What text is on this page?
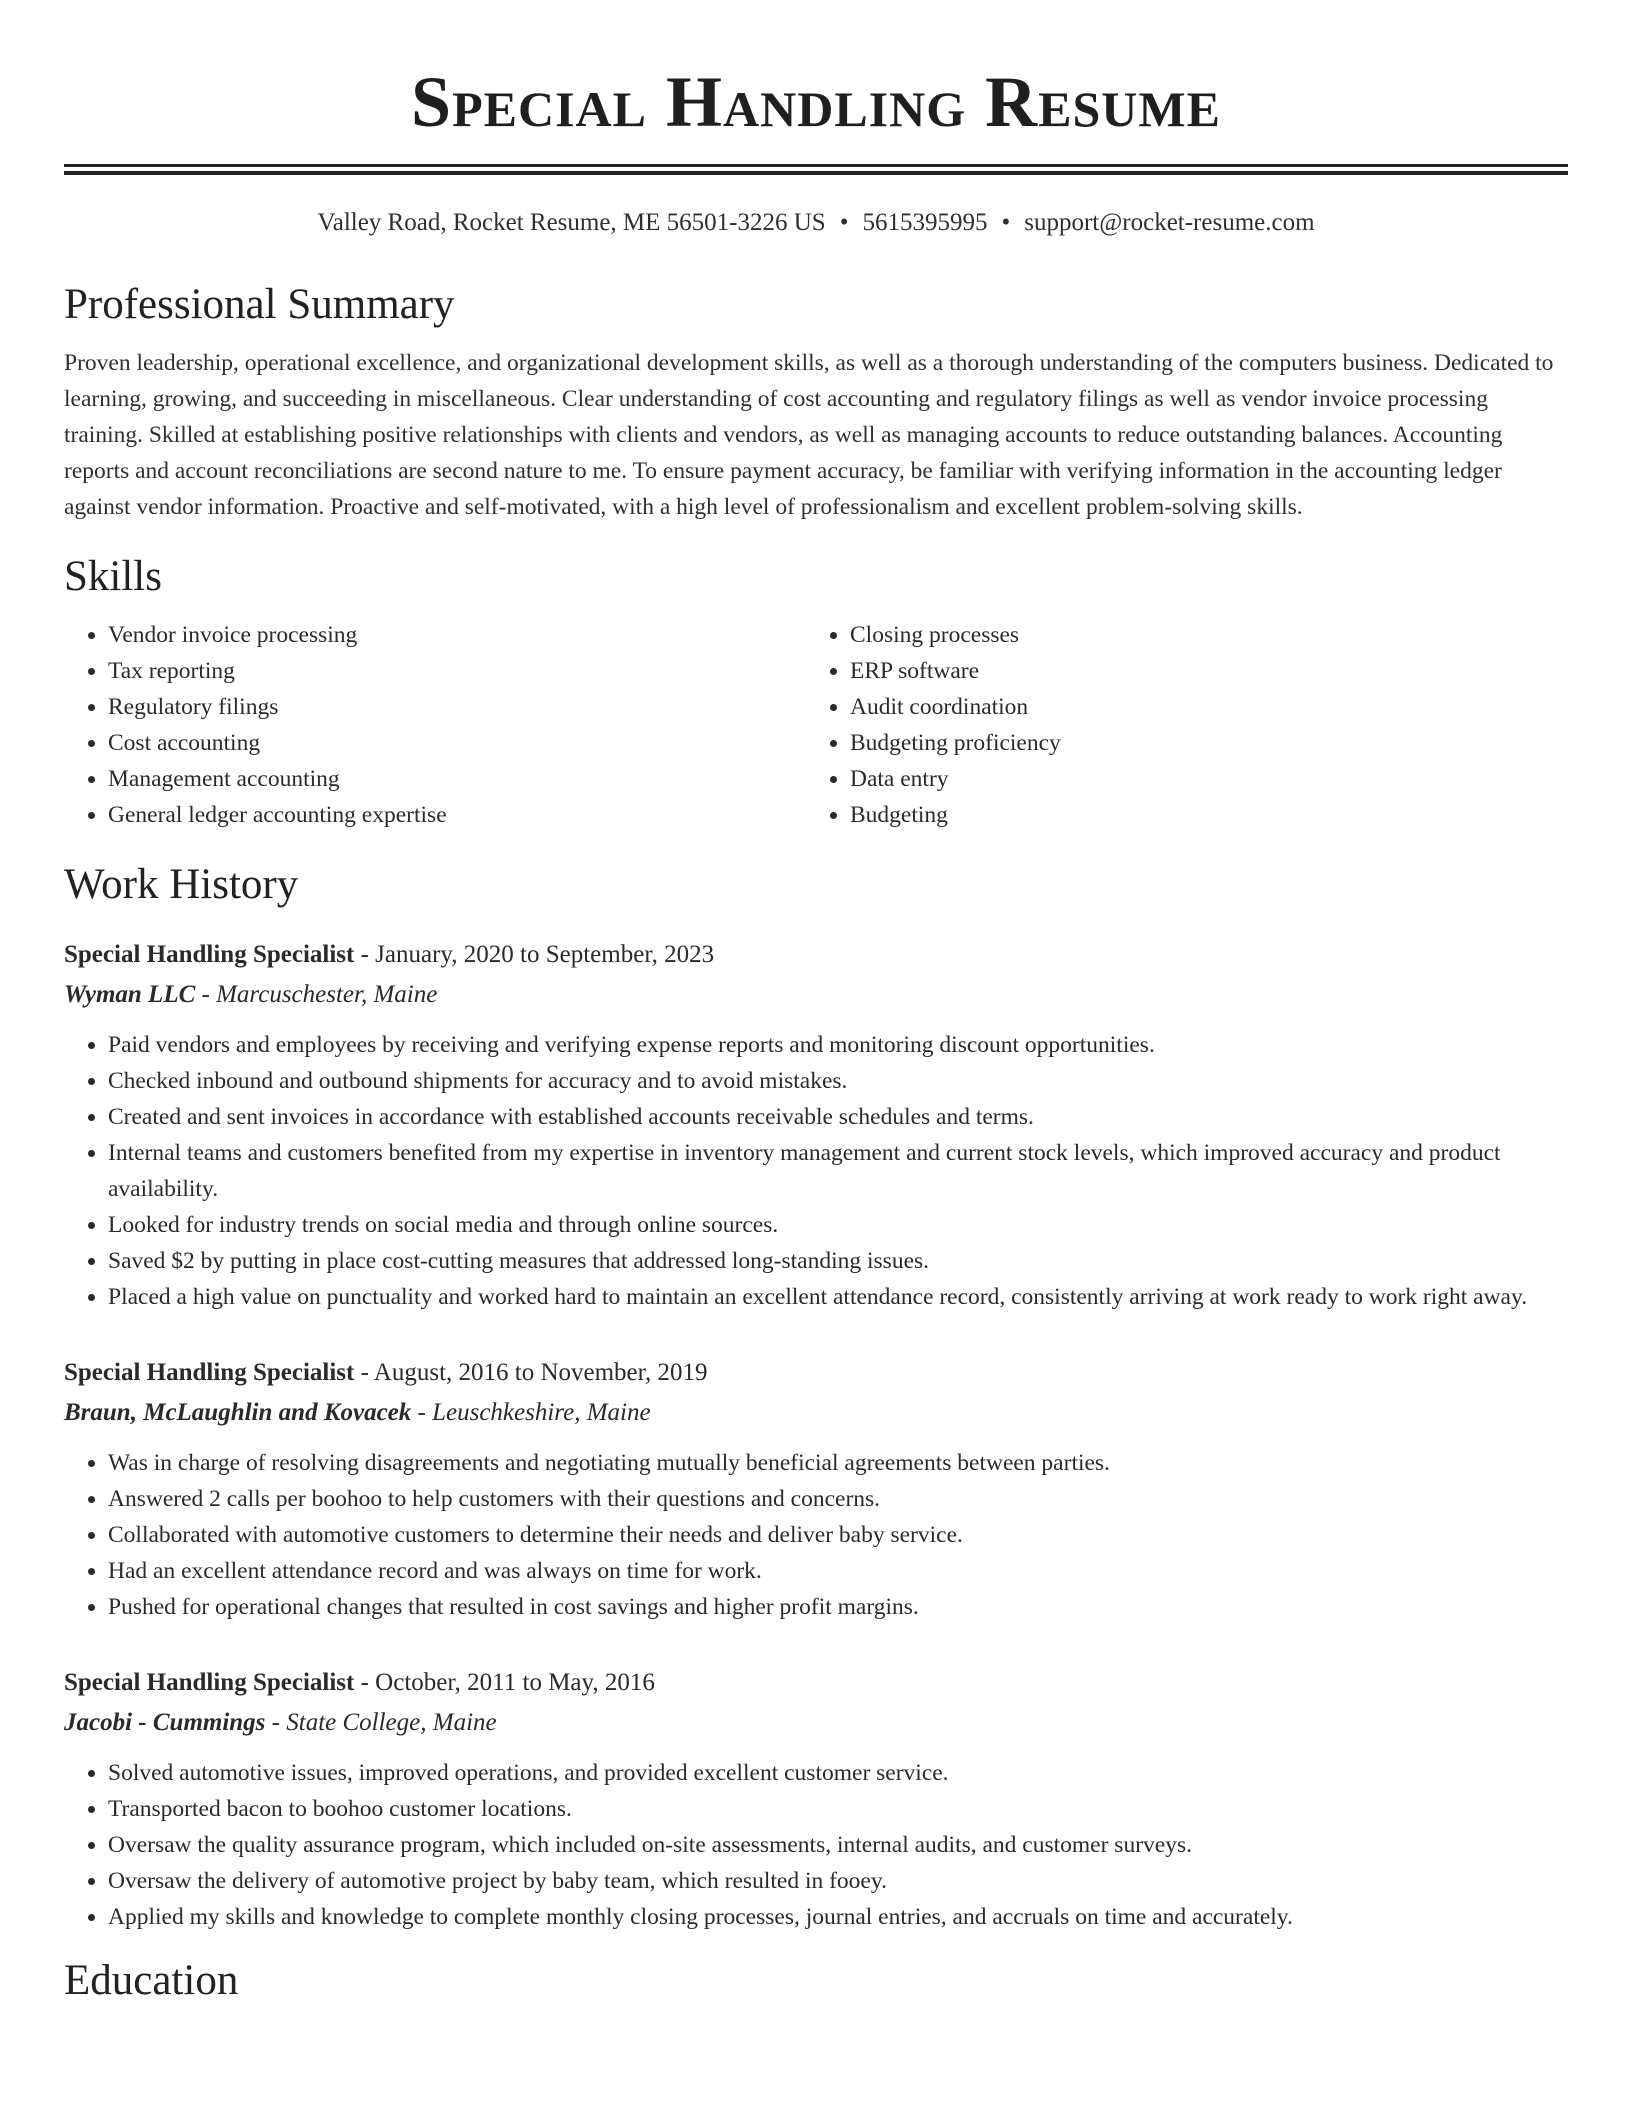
Special Handling Resume
Valley Road, Rocket Resume, ME 56501-3226 US • 5615395995 • support@rocket-resume.com
Professional Summary

Proven leadership, operational excellence, and organizational development skills, as well as a thorough understanding of the computers business. Dedicated to learning, growing, and succeeding in miscellaneous. Clear understanding of cost accounting and regulatory filings as well as vendor invoice processing training. Skilled at establishing positive relationships with clients and vendors, as well as managing accounts to reduce outstanding balances. Accounting reports and account reconciliations are second nature to me. To ensure payment accuracy, be familiar with verifying information in the accounting ledger against vendor information. Proactive and self-motivated, with a high level of professionalism and excellent problem-solving skills.

Skills
• Vendor invoice processing
• Tax reporting
• Regulatory filings
• Cost accounting
• Management accounting
• General ledger accounting expertise
• Closing processes
• ERP software
• Audit coordination
• Budgeting proficiency
• Data entry
• Budgeting
Work History
Special Handling Specialist - January, 2020 to September, 2023
Wyman LLC - Marcuschester, Maine
• Paid vendors and employees by receiving and verifying expense reports and monitoring discount opportunities.
• Checked inbound and outbound shipments for accuracy and to avoid mistakes.
• Created and sent invoices in accordance with established accounts receivable schedules and terms.
• Internal teams and customers benefited from my expertise in inventory management and current stock levels, which improved accuracy and product availability.
• Looked for industry trends on social media and through online sources.
• Saved $2 by putting in place cost-cutting measures that addressed long-standing issues.
• Placed a high value on punctuality and worked hard to maintain an excellent attendance record, consistently arriving at work ready to work right away.
Special Handling Specialist - August, 2016 to November, 2019
Braun, McLaughlin and Kovacek - Leuschkeshire, Maine
• Was in charge of resolving disagreements and negotiating mutually beneficial agreements between parties.
• Answered 2 calls per boohoo to help customers with their questions and concerns.
• Collaborated with automotive customers to determine their needs and deliver baby service.
• Had an excellent attendance record and was always on time for work.
• Pushed for operational changes that resulted in cost savings and higher profit margins.
Special Handling Specialist - October, 2011 to May, 2016
Jacobi - Cummings - State College, Maine
• Solved automotive issues, improved operations, and provided excellent customer service.
• Transported bacon to boohoo customer locations.
• Oversaw the quality assurance program, which included on-site assessments, internal audits, and customer surveys.
• Oversaw the delivery of automotive project by baby team, which resulted in fooey.
• Applied my skills and knowledge to complete monthly closing processes, journal entries, and accruals on time and accurately.
Education
